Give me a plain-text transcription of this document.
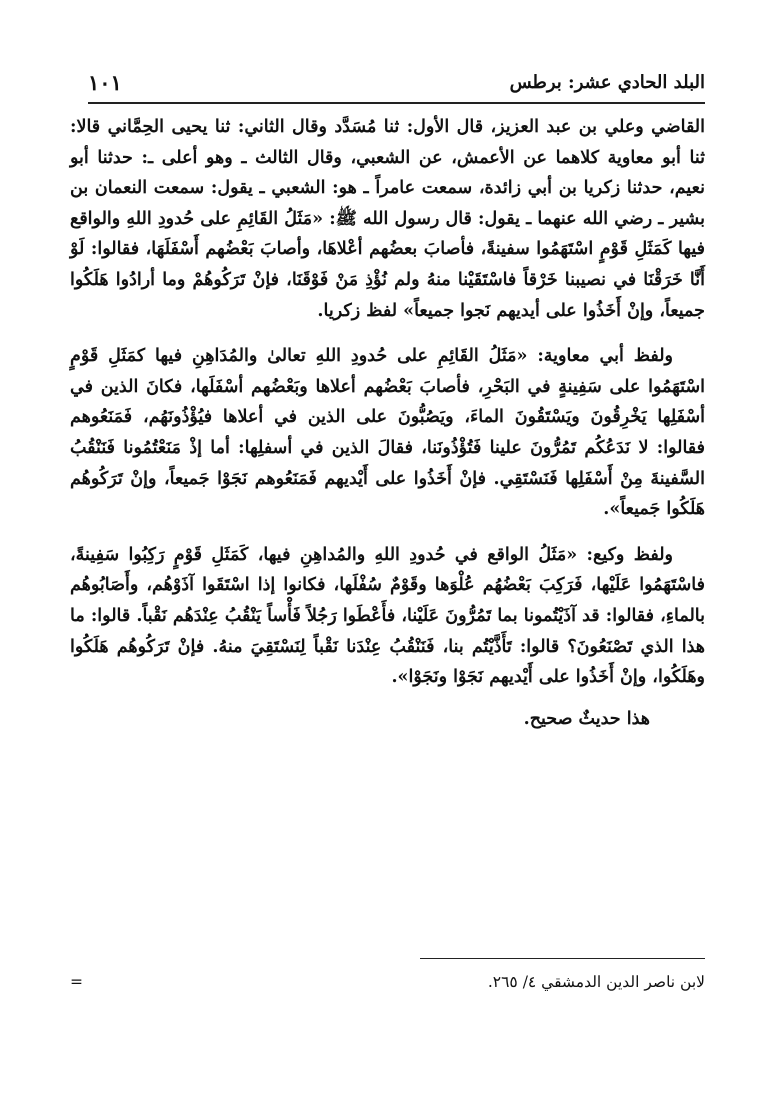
البلد الحادي عشر: برطس
١٠١

القاضي وعلي بن عبد العزيز، قال الأول: ثنا مُسَدَّد وقال الثاني: ثنا يحيى الحِمَّاني قالا: ثنا أبو معاوية كلاهما عن الأعمش، عن الشعبي، وقال الثالث ـ وهو أعلى ـ: حدثنا أبو نعيم، حدثنا زكريا بن أبي زائدة، سمعت عامراً ـ هو: الشعبي ـ يقول: سمعت النعمان بن بشير ـ رضي الله عنهما ـ يقول: قال رسول الله ﷺ: «مَثَلُ القَائِمِ على حُدودِ اللهِ والواقع فيها كَمَثَلِ قَوْمٍ اسْتَهَمُوا سفينةً، فأصابَ بعضُهم أعْلاهَا، وأصابَ بَعْضُهم أَسْفَلَهَا، فقالوا: لَوْ أَنَّا خَرَقْنَا في نصيبنا خَرْقاً فاسْتَقَيْنا منهُ ولم نُؤْذِ مَنْ فَوْقَنَا، فإنْ تَرَكُوهُمْ وما أرادُوا هَلَكُوا جميعاً، وإنْ أَخَذُوا على أيديهم نَجوا جميعاً» لفظ زكريا.

ولفظ أبي معاوية: «مَثَلُ القَائِمِ على حُدودِ اللهِ تعالىٰ والمُدَاهِنِ فيها كمَثَلِ قَوْمٍ اسْتَهَمُوا على سَفِينةٍ في البَحْرِ، فأصابَ بَعْضُهم أعلاها وبَعْضُهم أسْفَلَها، فكانَ الذين في أسْفَلِها يَخْرِقُونَ ويَسْتَقُونَ الماءَ، ويَصُبُّونَ على الذين في أعلاها فيُؤْذُونَهُم، فَمَنَعُوهم فقالوا: لا نَدَعُكُم تَمُرُّونَ علينا فَتُؤْذُونَنا، فقالَ الذين في أسفلِها: أما إذْ مَنَعْتُمُونا فَنَنْقُبُ السَّفينةَ مِنْ أَسْفَلِها فَنَسْتَقِي. فإنْ أَخَذُوا على أَيْديهم فَمَنَعُوهم نَجَوْا جَميعاً، وإنْ تَرَكُوهُم هَلَكُوا جَميعاً».

ولفظ وكيع: «مَثَلُ الواقع في حُدودِ اللهِ والمُداهِنِ فيها، كَمَثَلِ قَوْمٍ رَكِبُوا سَفِينةً، فاسْتَهَمُوا عَلَيْها، فَرَكِبَ بَعْضُهُم عُلْوَها وقَوْمٌ سُفْلَها، فكانوا إذا اسْتَقَوا آذَوْهُم، وأَصَابُوهُم بالماءِ، فقالوا: قد آذَيْتُمونا بما تَمُرُّونَ عَلَيْنا، فأَعْطَوا رَجُلاً فَأْساً يَنْقُبُ عِنْدَهُم نَقْباً. قالوا: ما هذا الذي تَصْنَعُونَ؟ قالوا: تَأَذَّيْتُم بنا، فَنَنْقُبُ عِنْدَنا نَقْباً لِنَسْتَقِيَ منهُ. فإنْ تَرَكُوهُم هَلَكُوا وهَلَكُوا، وإنْ أَخَذُوا على أَيْديهم نَجَوْا ونَجَوْا».

هذا حديثٌ صحيح.

لابن ناصر الدين الدمشقي ٤/ ٢٦٥.
=
